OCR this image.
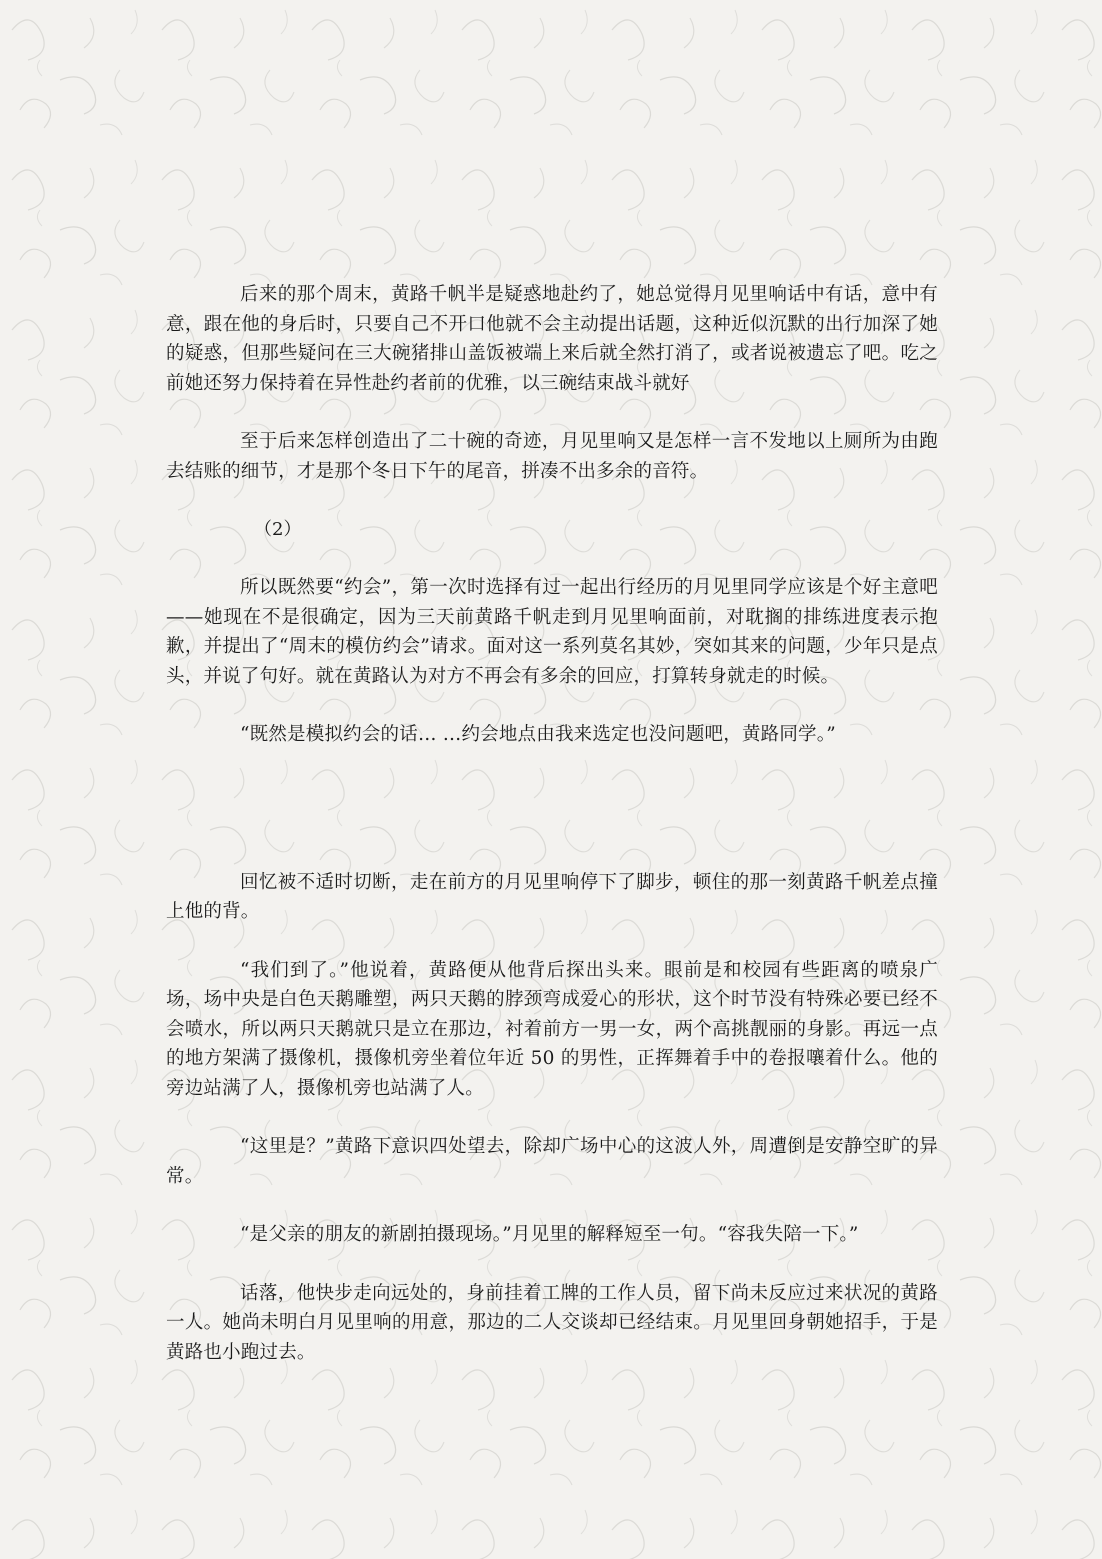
后来的那个周末，黄路千帆半是疑惑地赴约了，她总觉得月见里响话中有话，意中有意，跟在他的身后时，只要自己不开口他就不会主动提出话题，这种近似沉默的出行加深了她的疑惑，但那些疑问在三大碗猪排山盖饭被端上来后就全然打消了，或者说被遗忘了吧。吃之前她还努力保持着在异性赴约者前的优雅，以三碗结束战斗就好

至于后来怎样创造出了二十碗的奇迹，月见里响又是怎样一言不发地以上厕所为由跑去结账的细节，才是那个冬日下午的尾音，拼凑不出多余的音符。

（2）

所以既然要“约会”，第一次时选择有过一起出行经历的月见里同学应该是个好主意吧——她现在不是很确定，因为三天前黄路千帆走到月见里响面前，对耽搁的排练进度表示抱歉，并提出了“周末的模仿约会”请求。面对这一系列莫名其妙，突如其来的问题，少年只是点头，并说了句好。就在黄路认为对方不再会有多余的回应，打算转身就走的时候。

“既然是模拟约会的话… …约会地点由我来选定也没问题吧，黄路同学。”

回忆被不适时切断，走在前方的月见里响停下了脚步，顿住的那一刻黄路千帆差点撞上他的背。

“我们到了。”他说着，黄路便从他背后探出头来。眼前是和校园有些距离的喷泉广场，场中央是白色天鹅雕塑，两只天鹅的脖颈弯成爱心的形状，这个时节没有特殊必要已经不会喷水，所以两只天鹅就只是立在那边，衬着前方一男一女，两个高挑靓丽的身影。再远一点的地方架满了摄像机，摄像机旁坐着位年近 50 的男性，正挥舞着手中的卷报嚷着什么。他的旁边站满了人，摄像机旁也站满了人。

“这里是？”黄路下意识四处望去，除却广场中心的这波人外，周遭倒是安静空旷的异常。

“是父亲的朋友的新剧拍摄现场。”月见里的解释短至一句。“容我失陪一下。”

话落，他快步走向远处的，身前挂着工牌的工作人员，留下尚未反应过来状况的黄路一人。她尚未明白月见里响的用意，那边的二人交谈却已经结束。月见里回身朝她招手，于是黄路也小跑过去。
